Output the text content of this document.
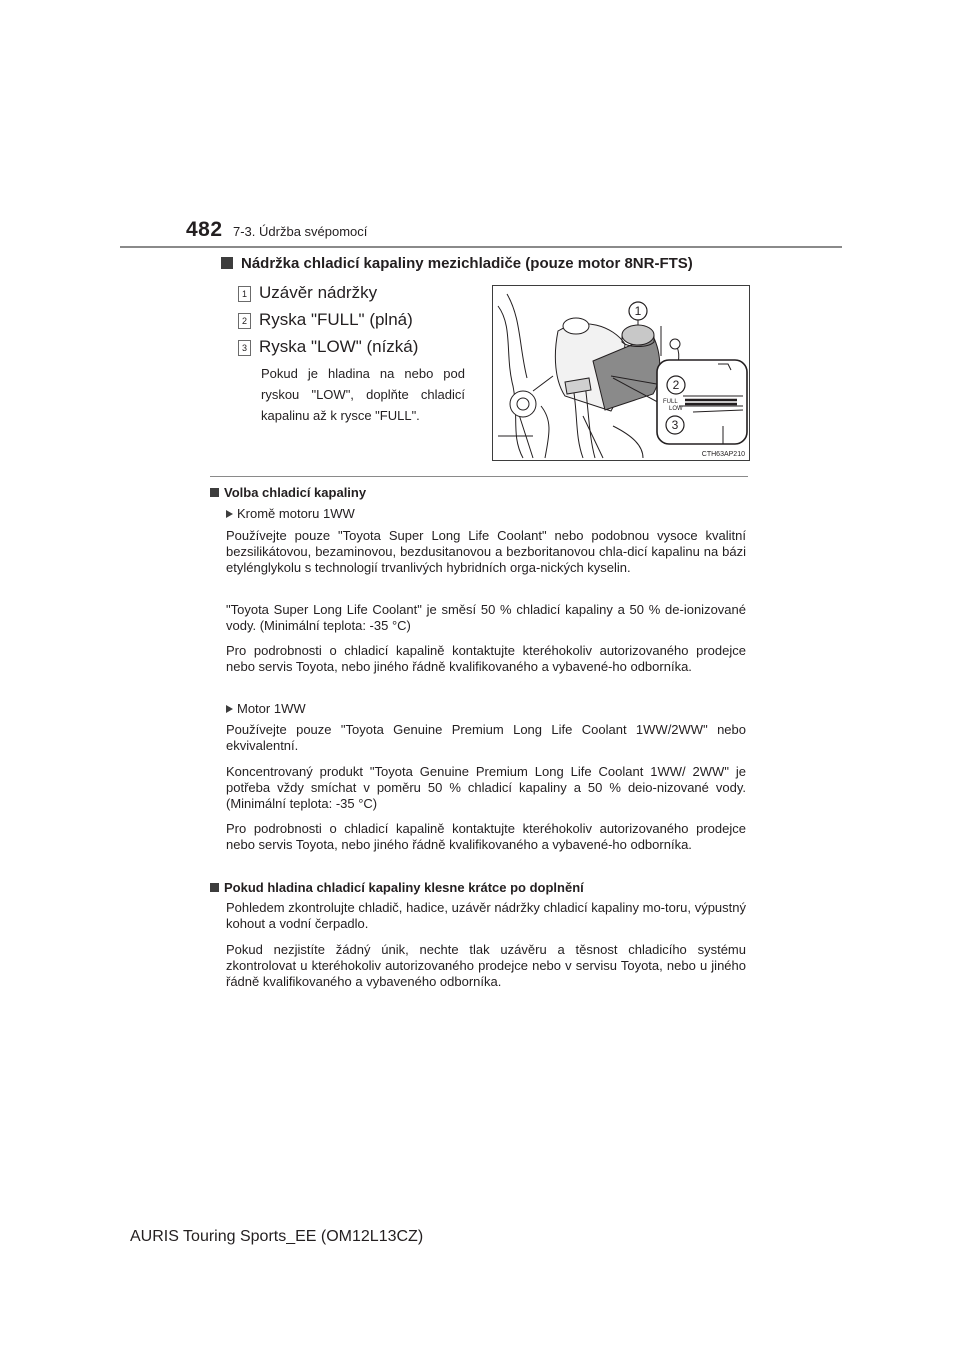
482 7-3. Údržba svépomocí
Nádržka chladicí kapaliny mezichladiče (pouze motor 8NR-FTS)
1 Uzávěr nádržky
2 Ryska "FULL" (plná)
3 Ryska "LOW" (nízká)
Pokud je hladina na nebo pod ryskou "LOW", doplňte chladicí kapalinu až k rysce "FULL".
FULL
LOW
1
2
3
CTH63AP210
Volba chladicí kapaliny
Kromě motoru 1WW
Používejte pouze "Toyota Super Long Life Coolant" nebo podobnou vysoce kvalitní bezsilikátovou, bezaminovou, bezdusitanovou a bezboritanovou chla-dicí kapalinu na bázi etylénglykolu s technologií trvanlivých hybridních orga-nických kyselin.
"Toyota Super Long Life Coolant" je směsí 50 % chladicí kapaliny a 50 % de-ionizované vody. (Minimální teplota: -35 °C)
Pro podrobnosti o chladicí kapalině kontaktujte kteréhokoliv autorizovaného prodejce nebo servis Toyota, nebo jiného řádně kvalifikovaného a vybavené-ho odborníka.
Motor 1WW
Používejte pouze "Toyota Genuine Premium Long Life Coolant 1WW/2WW" nebo ekvivalentní.
Koncentrovaný produkt "Toyota Genuine Premium Long Life Coolant 1WW/ 2WW" je potřeba vždy smíchat v poměru 50 % chladicí kapaliny a 50 % deio-nizované vody. (Minimální teplota: -35 °C)
Pro podrobnosti o chladicí kapalině kontaktujte kteréhokoliv autorizovaného prodejce nebo servis Toyota, nebo jiného řádně kvalifikovaného a vybavené-ho odborníka.
Pokud hladina chladicí kapaliny klesne krátce po doplnění
Pohledem zkontrolujte chladič, hadice, uzávěr nádržky chladicí kapaliny mo-toru, výpustný kohout a vodní čerpadlo.
Pokud nezjistíte žádný únik, nechte tlak uzávěru a těsnost chladicího systému zkontrolovat u kteréhokoliv autorizovaného prodejce nebo v servisu Toyota, nebo u jiného řádně kvalifikovaného a vybaveného odborníka.
AURIS Touring Sports_EE (OM12L13CZ)
